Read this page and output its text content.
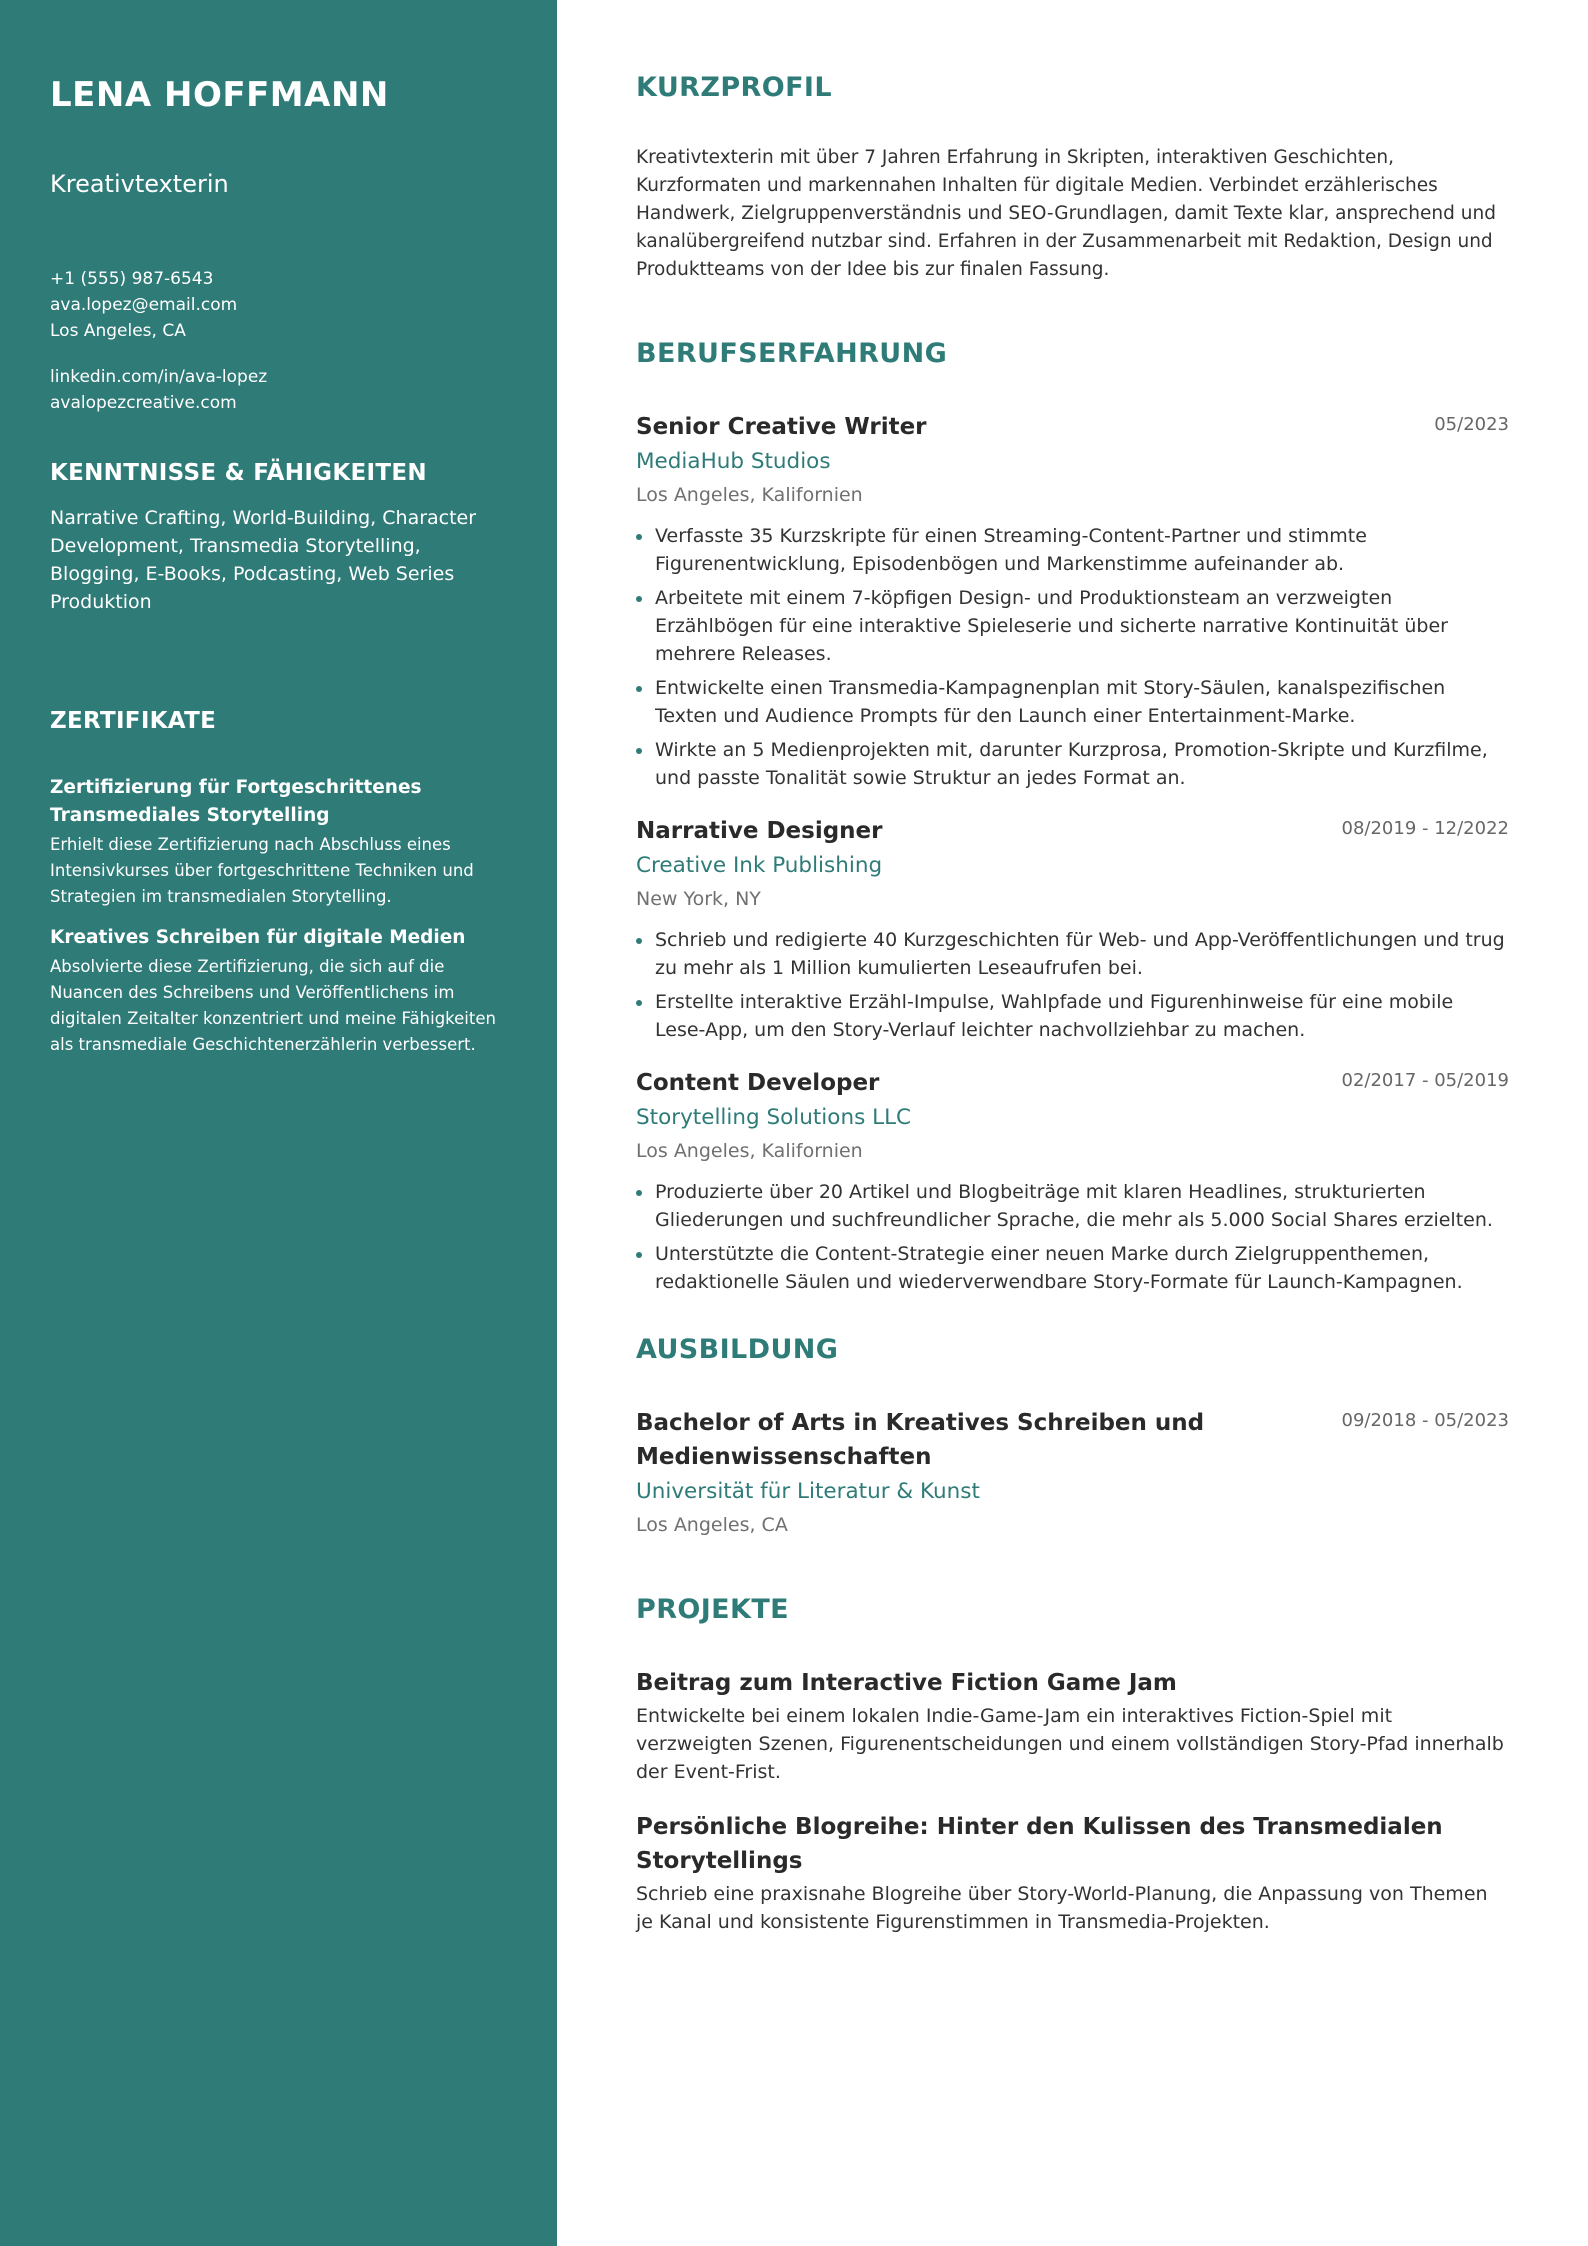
LENA HOFFMANN
Kreativtexterin
+1 (555) 987-6543
ava.lopez@email.com
Los Angeles, CA
linkedin.com/in/ava-lopez
avalopezcreative.com
KENNTNISSE & FÄHIGKEITEN
Narrative Crafting, World-Building, Character Development, Transmedia Storytelling, Blogging, E-Books, Podcasting, Web Series Produktion
ZERTIFIKATE
Zertifizierung für Fortgeschrittenes Transmediales Storytelling
Erhielt diese Zertifizierung nach Abschluss eines Intensivkurses über fortgeschrittene Techniken und Strategien im transmedialen Storytelling.
Kreatives Schreiben für digitale Medien
Absolvierte diese Zertifizierung, die sich auf die Nuancen des Schreibens und Veröffentlichens im digitalen Zeitalter konzentriert und meine Fähigkeiten als transmediale Geschichtenerzählerin verbessert.
KURZPROFIL
Kreativtexterin mit über 7 Jahren Erfahrung in Skripten, interaktiven Geschichten, Kurzformaten und markennahen Inhalten für digitale Medien. Verbindet erzählerisches Handwerk, Zielgruppenverständnis und SEO-Grundlagen, damit Texte klar, ansprechend und kanalübergreifend nutzbar sind. Erfahren in der Zusammenarbeit mit Redaktion, Design und Produktteams von der Idee bis zur finalen Fassung.
BERUFSERFAHRUNG
Senior Creative Writer	05/2023
MediaHub Studios
Los Angeles, Kalifornien
Verfasste 35 Kurzskripte für einen Streaming-Content-Partner und stimmte Figurenentwicklung, Episodenbögen und Markenstimme aufeinander ab.
Arbeitete mit einem 7-köpfigen Design- und Produktionsteam an verzweigten Erzählbögen für eine interaktive Spieleserie und sicherte narrative Kontinuität über mehrere Releases.
Entwickelte einen Transmedia-Kampagnenplan mit Story-Säulen, kanalspezifischen Texten und Audience Prompts für den Launch einer Entertainment-Marke.
Wirkte an 5 Medienprojekten mit, darunter Kurzprosa, Promotion-Skripte und Kurzfilme, und passte Tonalität sowie Struktur an jedes Format an.
Narrative Designer	08/2019 - 12/2022
Creative Ink Publishing
New York, NY
Schrieb und redigierte 40 Kurzgeschichten für Web- und App-Veröffentlichungen und trug zu mehr als 1 Million kumulierten Leseaufrufen bei.
Erstellte interaktive Erzähl-Impulse, Wahlpfade und Figurenhinweise für eine mobile Lese-App, um den Story-Verlauf leichter nachvollziehbar zu machen.
Content Developer	02/2017 - 05/2019
Storytelling Solutions LLC
Los Angeles, Kalifornien
Produzierte über 20 Artikel und Blogbeiträge mit klaren Headlines, strukturierten Gliederungen und suchfreundlicher Sprache, die mehr als 5.000 Social Shares erzielten.
Unterstützte die Content-Strategie einer neuen Marke durch Zielgruppenthemen, redaktionelle Säulen und wiederverwendbare Story-Formate für Launch-Kampagnen.
AUSBILDUNG
Bachelor of Arts in Kreatives Schreiben und Medienwissenschaften
09/2018 - 05/2023
Universität für Literatur & Kunst
Los Angeles, CA
PROJEKTE
Beitrag zum Interactive Fiction Game Jam
Entwickelte bei einem lokalen Indie-Game-Jam ein interaktives Fiction-Spiel mit verzweigten Szenen, Figurenentscheidungen und einem vollständigen Story-Pfad innerhalb der Event-Frist.
Persönliche Blogreihe: Hinter den Kulissen des Transmedialen Storytellings
Schrieb eine praxisnahe Blogreihe über Story-World-Planung, die Anpassung von Themen je Kanal und konsistente Figurenstimmen in Transmedia-Projekten.
